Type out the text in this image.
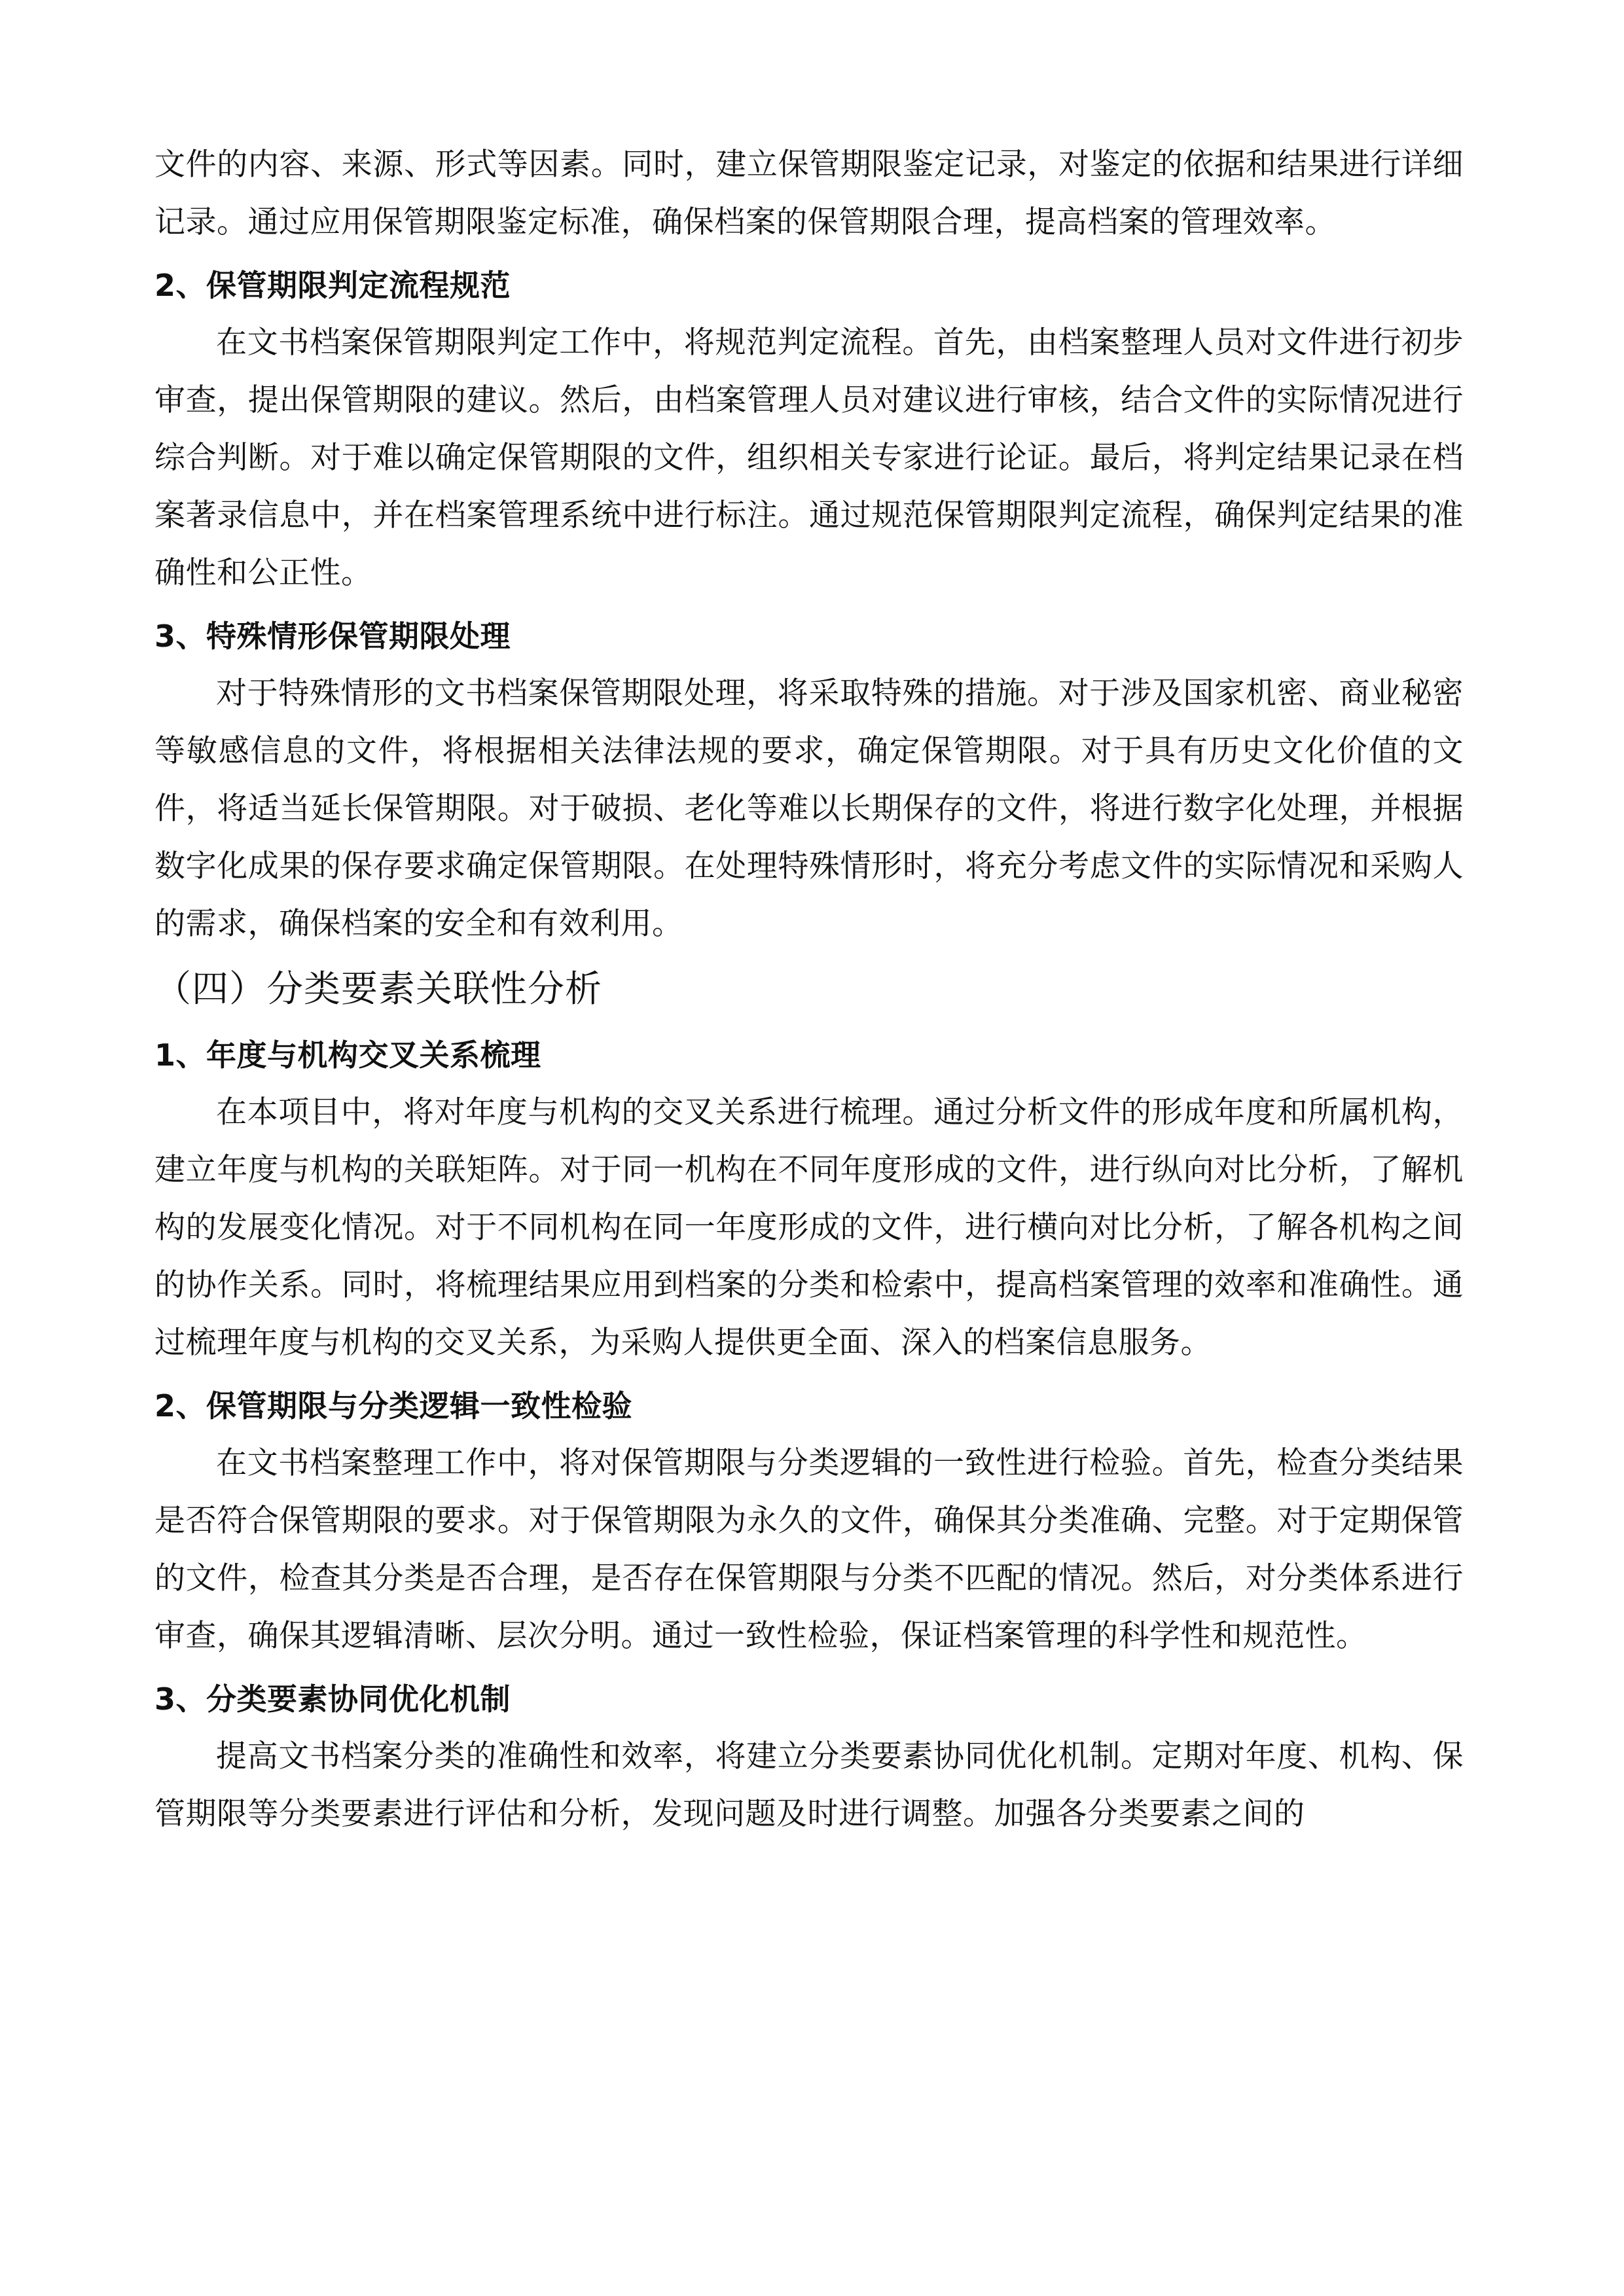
文件的内容、来源、形式等因素。同时，建立保管期限鉴定记录，对鉴定的依据和结果进行详细记录。通过应用保管期限鉴定标准，确保档案的保管期限合理，提高档案的管理效率。

2、保管期限判定流程规范

在文书档案保管期限判定工作中，将规范判定流程。首先，由档案整理人员对文件进行初步审查，提出保管期限的建议。然后，由档案管理人员对建议进行审核，结合文件的实际情况进行综合判断。对于难以确定保管期限的文件，组织相关专家进行论证。最后，将判定结果记录在档案著录信息中，并在档案管理系统中进行标注。通过规范保管期限判定流程，确保判定结果的准确性和公正性。

3、特殊情形保管期限处理

对于特殊情形的文书档案保管期限处理，将采取特殊的措施。对于涉及国家机密、商业秘密等敏感信息的文件，将根据相关法律法规的要求，确定保管期限。对于具有历史文化价值的文件，将适当延长保管期限。对于破损、老化等难以长期保存的文件，将进行数字化处理，并根据数字化成果的保存要求确定保管期限。在处理特殊情形时，将充分考虑文件的实际情况和采购人的需求，确保档案的安全和有效利用。

（四）分类要素关联性分析
1、年度与机构交叉关系梳理

在本项目中，将对年度与机构的交叉关系进行梳理。通过分析文件的形成年度和所属机构，建立年度与机构的关联矩阵。对于同一机构在不同年度形成的文件，进行纵向对比分析，了解机构的发展变化情况。对于不同机构在同一年度形成的文件，进行横向对比分析，了解各机构之间的协作关系。同时，将梳理结果应用到档案的分类和检索中，提高档案管理的效率和准确性。通过梳理年度与机构的交叉关系，为采购人提供更全面、深入的档案信息服务。

2、保管期限与分类逻辑一致性检验

在文书档案整理工作中，将对保管期限与分类逻辑的一致性进行检验。首先，检查分类结果是否符合保管期限的要求。对于保管期限为永久的文件，确保其分类准确、完整。对于定期保管的文件，检查其分类是否合理，是否存在保管期限与分类不匹配的情况。然后，对分类体系进行审查，确保其逻辑清晰、层次分明。通过一致性检验，保证档案管理的科学性和规范性。

3、分类要素协同优化机制

提高文书档案分类的准确性和效率，将建立分类要素协同优化机制。定期对年度、机构、保管期限等分类要素进行评估和分析，发现问题及时进行调整。加强各分类要素之间的
